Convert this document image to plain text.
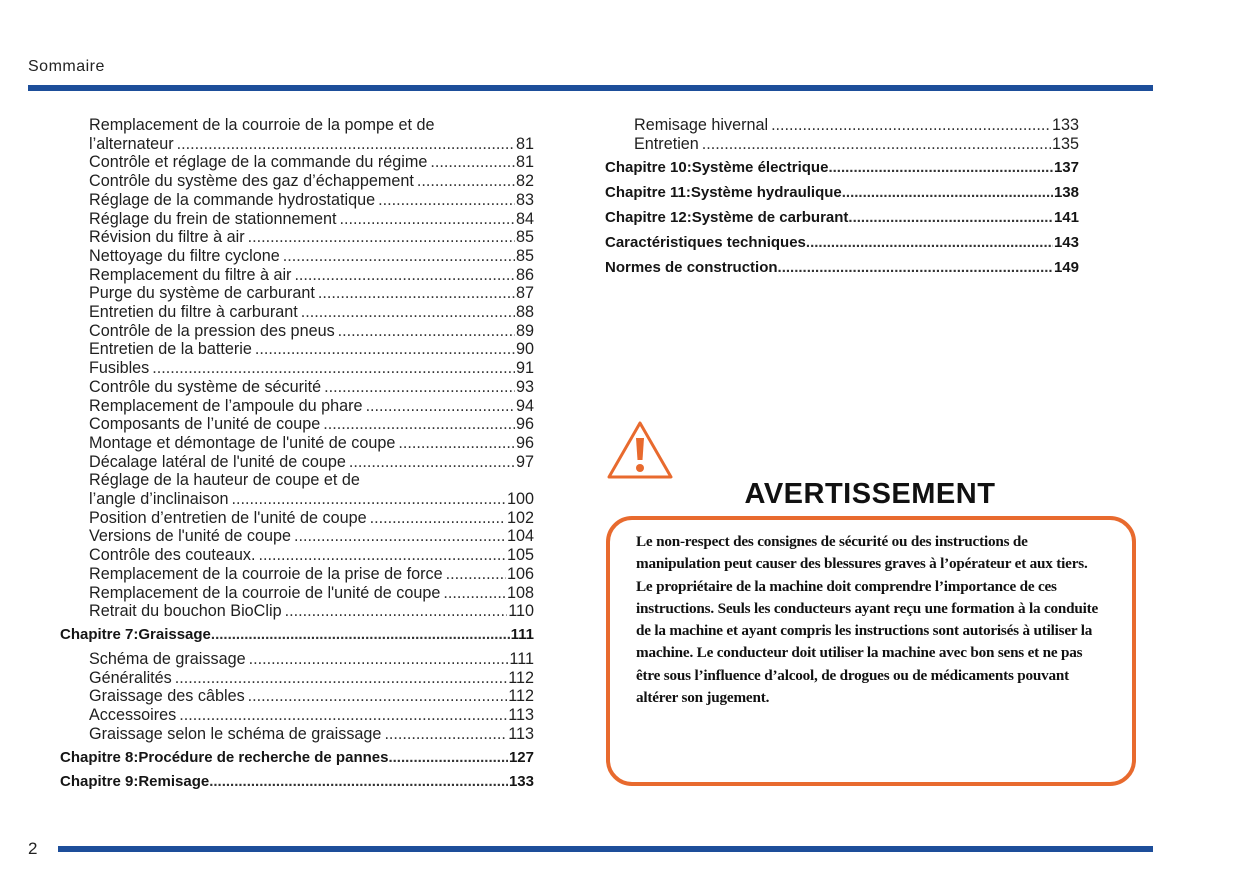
Sommaire
Remplacement de la courroie de la pompe et de
l’alternateur .....	81
Contrôle et réglage de la commande du régime .....	81
Contrôle du système des gaz d’échappement .....	82
Réglage de la commande hydrostatique .....	83
Réglage du frein de stationnement .....	84
Révision du filtre à air .....	85
Nettoyage du filtre cyclone .....	85
Remplacement du filtre à air .....	86
Purge du système de carburant .....	87
Entretien du filtre à carburant .....	88
Contrôle de la pression des pneus .....	89
Entretien de la batterie .....	90
Fusibles .....	91
Contrôle du système de sécurité .....	93
Remplacement de l’ampoule du phare .....	94
Composants de l’unité de coupe .....	96
Montage et démontage de l'unité de coupe .....	96
Décalage latéral de l'unité de coupe .....	97
Réglage de la hauteur de coupe et de
l’angle d’inclinaison .....	100
Position d’entretien de l'unité de coupe .....	102
Versions de l'unité de coupe .....	104
Contrôle des couteaux. .....	105
Remplacement de la courroie de la prise de force .....	106
Remplacement de la courroie de l'unité de coupe .....	108
Retrait du bouchon BioClip .....	110
Chapitre 7:Graissage .....	111
Schéma de graissage .....	111
Généralités .....	112
Graissage des câbles .....	112
Accessoires .....	113
Graissage selon le schéma de graissage .....	113
Chapitre 8:Procédure de recherche de pannes .....	127
Chapitre 9:Remisage .....	133
Remisage hivernal .....	133
Entretien .....	135
Chapitre 10:Système électrique .....	137
Chapitre 11:Système hydraulique .....	138
Chapitre 12:Système de carburant .....	141
Caractéristiques techniques .....	143
Normes de construction .....	149
AVERTISSEMENT
Le non-respect des consignes de sécurité ou des instructions de manipulation peut causer des blessures graves à l’opérateur et aux tiers. Le propriétaire de la machine doit comprendre l’importance de ces instructions. Seuls les conducteurs ayant reçu une formation à la conduite de la machine et ayant compris les instructions sont autorisés à utiliser la machine. Le conducteur doit utiliser la machine avec bon sens et ne pas être sous l’influence d’alcool, de drogues ou de médicaments pouvant altérer son jugement.
2
